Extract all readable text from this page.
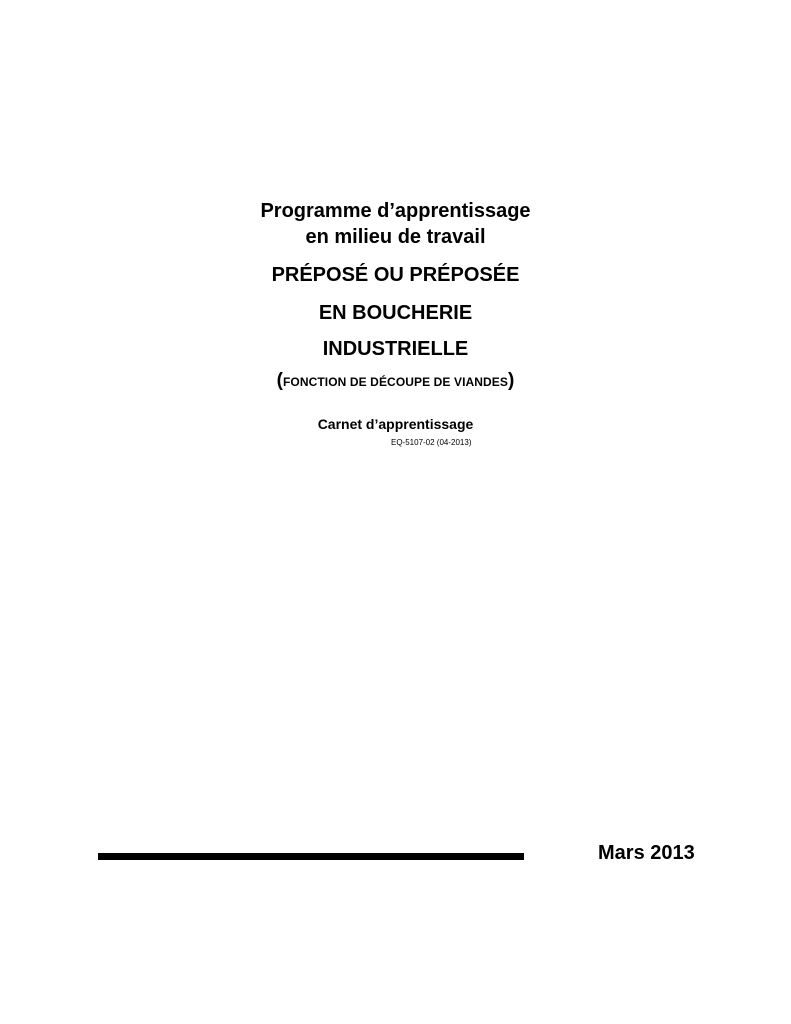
Programme d’apprentissage
en milieu de travail
PRÉPOSÉ OU PRÉPOSÉE
EN BOUCHERIE
INDUSTRIELLE
(FONCTION DE DÉCOUPE DE VIANDES)
Carnet d’apprentissage
EQ-5107-02 (04-2013)
Mars 2013
